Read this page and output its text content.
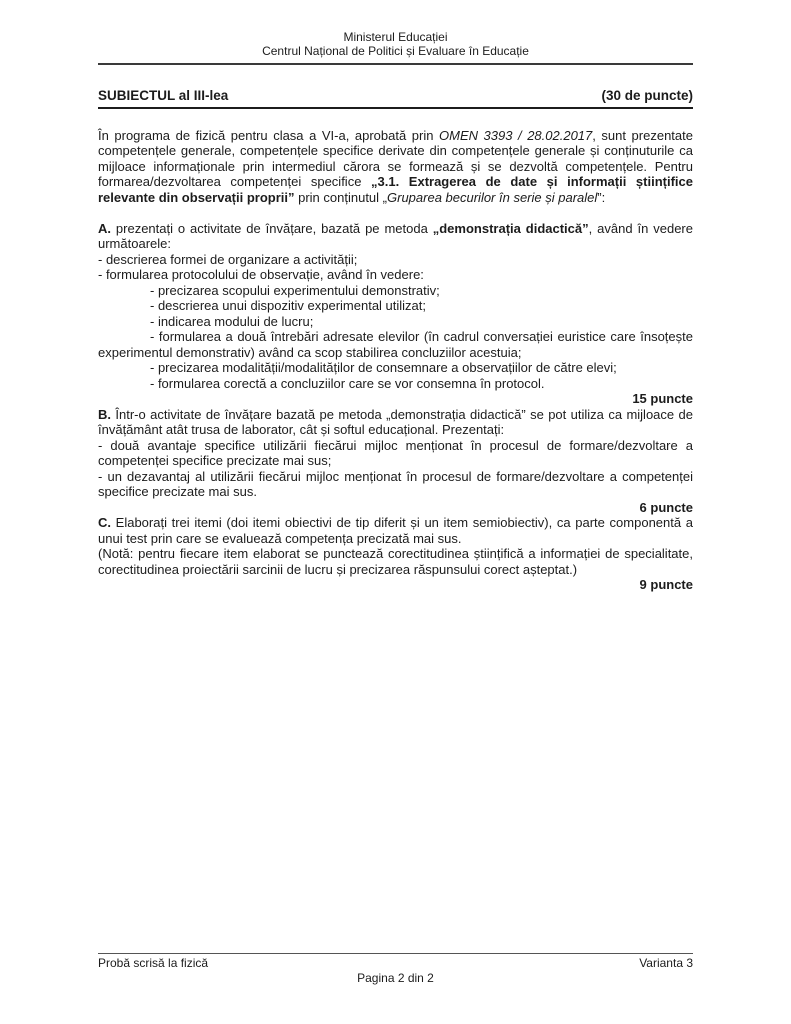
Ministerul Educației
Centrul Național de Politici și Evaluare în Educație
SUBIECTUL al III-lea	(30 de puncte)

În programa de fizică pentru clasa a VI-a, aprobată prin OMEN 3393 / 28.02.2017, sunt prezentate competențele generale, competențele specifice derivate din competențele generale și conținuturile ca mijloace informaționale prin intermediul cărora se formează și se dezvoltă competențele. Pentru formarea/dezvoltarea competenței specifice „3.1. Extragerea de date și informații științifice relevante din observații proprii” prin conținutul „Gruparea becurilor în serie și paralel”:

A. prezentați o activitate de învățare, bazată pe metoda „demonstrația didactică”, având în vedere următoarele:

- descrierea formei de organizare a activității;

- formularea protocolului de observație, având în vedere:

- precizarea scopului experimentului demonstrativ;

- descrierea unui dispozitiv experimental utilizat;

- indicarea modului de lucru;

- formularea a două întrebări adresate elevilor (în cadrul conversației euristice care însoțește experimentul demonstrativ) având ca scop stabilirea concluziilor acestuia;

- precizarea modalității/modalităților de consemnare a observațiilor de către elevi;

- formularea corectă a concluziilor care se vor consemna în protocol.

15 puncte

B. Într-o activitate de învățare bazată pe metoda „demonstrația didactică” se pot utiliza ca mijloace de învățământ atât trusa de laborator, cât și softul educațional. Prezentați:

- două avantaje specifice utilizării fiecărui mijloc menționat în procesul de formare/dezvoltare a competenței specifice precizate mai sus;

- un dezavantaj al utilizării fiecărui mijloc menționat în procesul de formare/dezvoltare a competenței specifice precizate mai sus.

6 puncte

C. Elaborați trei itemi (doi itemi obiectivi de tip diferit și un item semiobiectiv), ca parte componentă a unui test prin care se evaluează competența precizată mai sus.

(Notă: pentru fiecare item elaborat se punctează corectitudinea științifică a informației de specialitate, corectitudinea proiectării sarcinii de lucru și precizarea răspunsului corect așteptat.)

9 puncte

Probă scrisă la fizică	Varianta 3
Pagina 2 din 2
